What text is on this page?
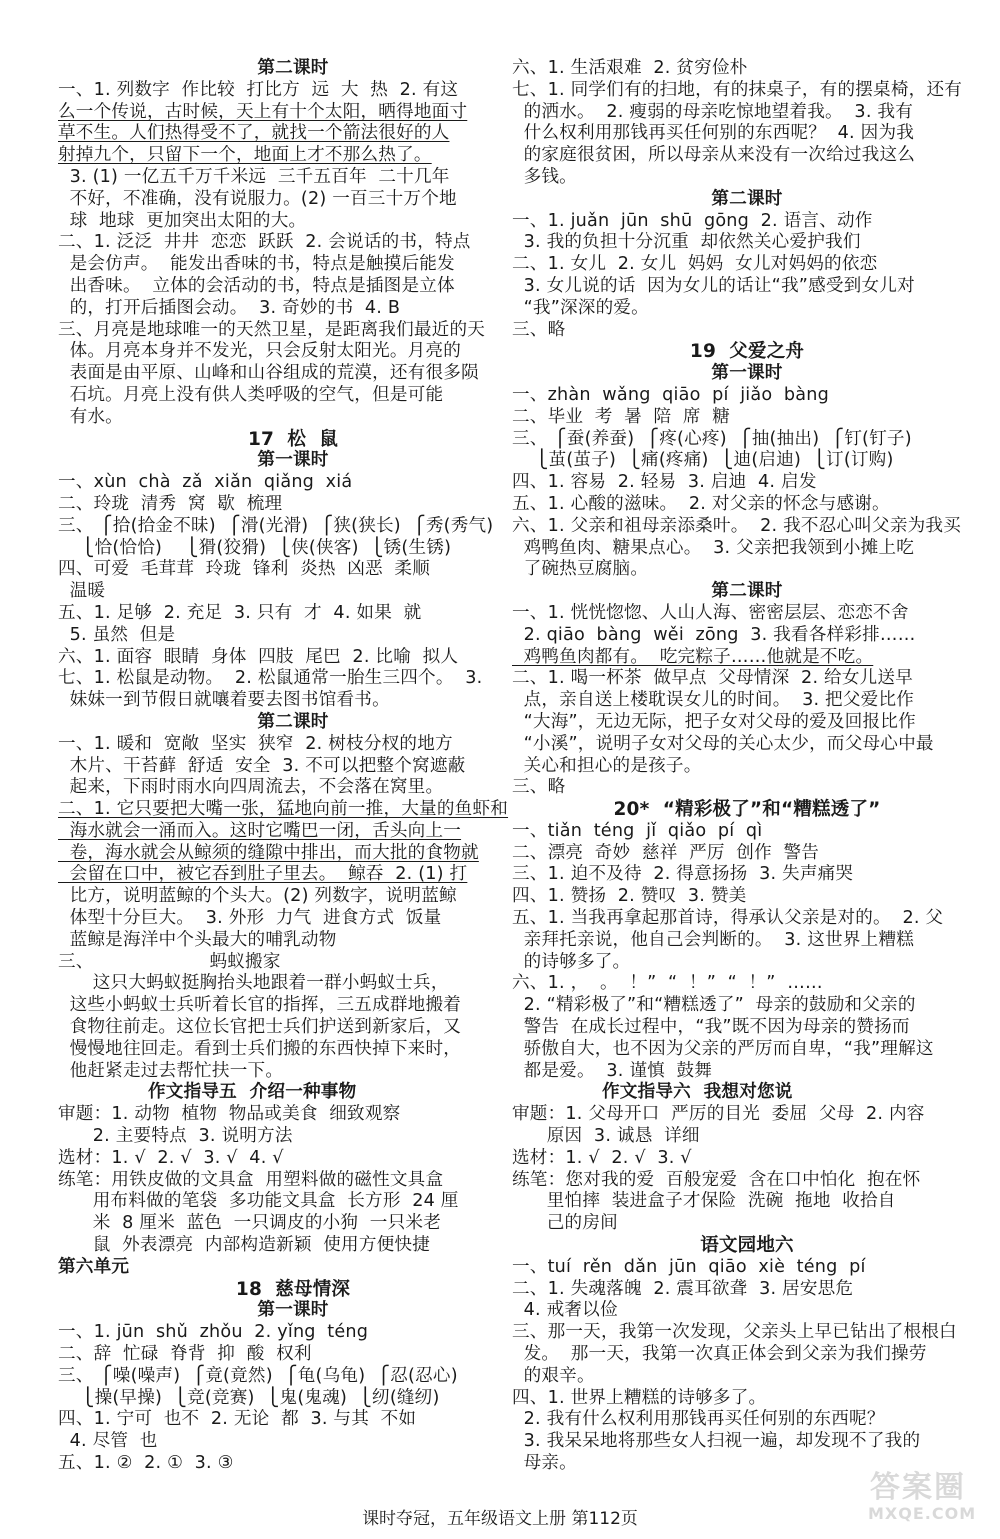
第二课时

一、1. 列数字  作比较  打比方  远  大  热  2. 有这

么一个传说，古时候，天上有十个太阳，晒得地面寸

草不生。人们热得受不了，就找一个箭法很好的人

射掉九个，只留下一个，地面上才不那么热了。

3. (1) 一亿五千万千米远  三千五百年  二十几年

不好，不准确，没有说服力。(2) 一百三十万个地

球  地球  更加突出太阳的大。

二、1. 泛泛  井井  恋恋  跃跃  2. 会说话的书，特点

是会仿声。  能发出香味的书，特点是触摸后能发

出香味。  立体的会活动的书，特点是插图是立体

的，打开后插图会动。  3. 奇妙的书  4. B

三、月亮是地球唯一的天然卫星，是距离我们最近的天

体。月亮本身并不发光，只会反射太阳光。月亮的

表面是由平原、山峰和山谷组成的荒漠，还有很多陨

石坑。月亮上没有供人类呼吸的空气，但是可能

有水。

17  松  鼠

第一课时

一、xùn  chà  zǎ  xiǎn  qiǎng  xiá

二、玲珑  清秀  窝  歇  梳理

三、 ⎧拾(拾金不昧)  ⎧滑(光滑)  ⎧狭(狭长)  ⎧秀(秀气)

⎩恰(恰恰)    ⎩猾(狡猾)  ⎩侠(侠客)  ⎩锈(生锈)

四、可爱  毛茸茸  玲珑  锋利  炎热  凶恶  柔顺

温暖

五、1. 足够  2. 充足  3. 只有  才  4. 如果  就

5. 虽然  但是

六、1. 面容  眼睛  身体  四肢  尾巴  2. 比喻  拟人

七、1. 松鼠是动物。  2. 松鼠通常一胎生三四个。  3.

妹妹一到节假日就嚷着要去图书馆看书。

第二课时

一、1. 暖和  宽敞  坚实  狭窄  2. 树枝分杈的地方

木片、干苔藓  舒适  安全  3. 不可以把整个窝遮蔽

起来，下雨时雨水向四周流去，不会落在窝里。

二、1. 它只要把大嘴一张，猛地向前一推，大量的鱼虾和

海水就会一涌而入。这时它嘴巴一闭，舌头向上一

卷，海水就会从鲸须的缝隙中排出，而大批的食物就

会留在口中，被它吞到肚子里去。  鲸吞  2. (1) 打

比方，说明蓝鲸的个头大。(2) 列数字，说明蓝鲸

体型十分巨大。  3. 外形  力气  进食方式  饭量

蓝鲸是海洋中个头最大的哺乳动物

三、                    蚂蚁搬家

这只大蚂蚁挺胸抬头地跟着一群小蚂蚁士兵，

这些小蚂蚁士兵听着长官的指挥，三五成群地搬着

食物往前走。这位长官把士兵们护送到新家后，又

慢慢地往回走。看到士兵们搬的东西快掉下来时，

他赶紧走过去帮忙扶一下。

作文指导五  介绍一种事物

审题：1. 动物  植物  物品或美食  细致观察

2. 主要特点  3. 说明方法

选材：1. √  2. √  3. √  4. √

练笔：用铁皮做的文具盒  用塑料做的磁性文具盒

用布料做的笔袋  多功能文具盒  长方形  24 厘

米  8 厘米  蓝色  一只调皮的小狗  一只米老

鼠  外表漂亮  内部构造新颖  使用方便快捷

第六单元

18  慈母情深

第一课时

一、1. jūn  shǔ  zhǒu  2. yǐng  téng

二、辞  忙碌  脊背  抑  酸  权利

三、 ⎧噪(噪声)  ⎧竟(竟然)  ⎧龟(乌龟)  ⎧忍(忍心)

⎩操(早操)  ⎩竞(竞赛)  ⎩鬼(鬼魂)  ⎩纫(缝纫)

四、1. 宁可  也不  2. 无论  都  3. 与其  不如

4. 尽管  也

五、1. ②  2. ①  3. ③

六、1. 生活艰难  2. 贫穷俭朴

七、1. 同学们有的扫地，有的抹桌子，有的摆桌椅，还有

的洒水。  2. 瘦弱的母亲吃惊地望着我。  3. 我有

什么权利用那钱再买任何别的东西呢？  4. 因为我

的家庭很贫困，所以母亲从来没有一次给过我这么

多钱。

第二课时

一、1. juǎn  jūn  shū  gōng  2. 语言、动作

3. 我的负担十分沉重  却依然关心爱护我们

二、1. 女儿  2. 女儿  妈妈  女儿对妈妈的依恋

3. 女儿说的话  因为女儿的话让“我”感受到女儿对

“我”深深的爱。

三、略

19  父爱之舟

第一课时

一、zhàn  wǎng  qiāo  pí  jiǎo  bàng

二、毕业  考  暑  陪  席  糖

三、 ⎧蚕(养蚕)  ⎧疼(心疼)  ⎧抽(抽出)  ⎧钉(钉子)

⎩茧(茧子)  ⎩痛(疼痛)  ⎩迪(启迪)  ⎩订(订购)

四、1. 容易  2. 轻易  3. 启迪  4. 启发

五、1. 心酸的滋味。  2. 对父亲的怀念与感谢。

六、1. 父亲和祖母亲添桑叶。  2. 我不忍心叫父亲为我买

鸡鸭鱼肉、糖果点心。  3. 父亲把我领到小摊上吃

了碗热豆腐脑。

第二课时

一、1. 恍恍惚惚、人山人海、密密层层、恋恋不舍

2. qiāo  bàng  wěi  zōng  3. 我看各样彩排……

鸡鸭鱼肉都有。  吃完粽子……他就是不吃。

二、1. 喝一杯茶  做早点  父母情深  2. 给女儿送早

点，亲自送上楼耽误女儿的时间。  3. 把父爱比作

“大海”，无边无际，把子女对父母的爱及回报比作

“小溪”，说明子女对父母的关心太少，而父母心中最

关心和担心的是孩子。

三、略

20*  “精彩极了”和“糟糕透了”

一、tiǎn  téng  jǐ  qiǎo  pí  qì

二、漂亮  奇妙  慈祥  严厉  创作  警告

三、1. 迫不及待  2. 得意扬扬  3. 失声痛哭

四、1. 赞扬  2. 赞叹  3. 赞美

五、1. 当我再拿起那首诗，得承认父亲是对的。  2. 父

亲拜托亲说，他自己会判断的。  3. 这世界上糟糕

的诗够多了。

六、1. ，  。  ！”  “  ！”  “  ！”  ……

2. “精彩极了”和“糟糕透了”  母亲的鼓励和父亲的

警告  在成长过程中，“我”既不因为母亲的赞扬而

骄傲自大，也不因为父亲的严厉而自卑，“我”理解这

都是爱。  3. 谨慎  鼓舞

作文指导六  我想对您说

审题：1. 父母开口  严厉的目光  委屈  父母  2. 内容

原因  3. 诚恳  详细

选材：1. √  2. √  3. √

练笔：您对我的爱  百般宠爱  含在口中怕化  抱在怀

里怕摔  装进盒子才保险  洗碗  拖地  收拾自

己的房间

语文园地六

一、tuí  rěn  dǎn  jūn  qiāo  xiè  téng  pí

二、1. 失魂落魄  2. 震耳欲聋  3. 居安思危

4. 戒奢以俭

三、那一天，我第一次发现，父亲头上早已钻出了根根白

发。  那一天，我第一次真正体会到父亲为我们操劳

的艰辛。

四、1. 世界上糟糕的诗够多了。

2. 我有什么权利用那钱再买任何别的东西呢？

3. 我呆呆地将那些女人扫视一遍，却发现不了我的

母亲。

课时夺冠，五年级语文上册 第112页
答案圈
MXQE.COM
